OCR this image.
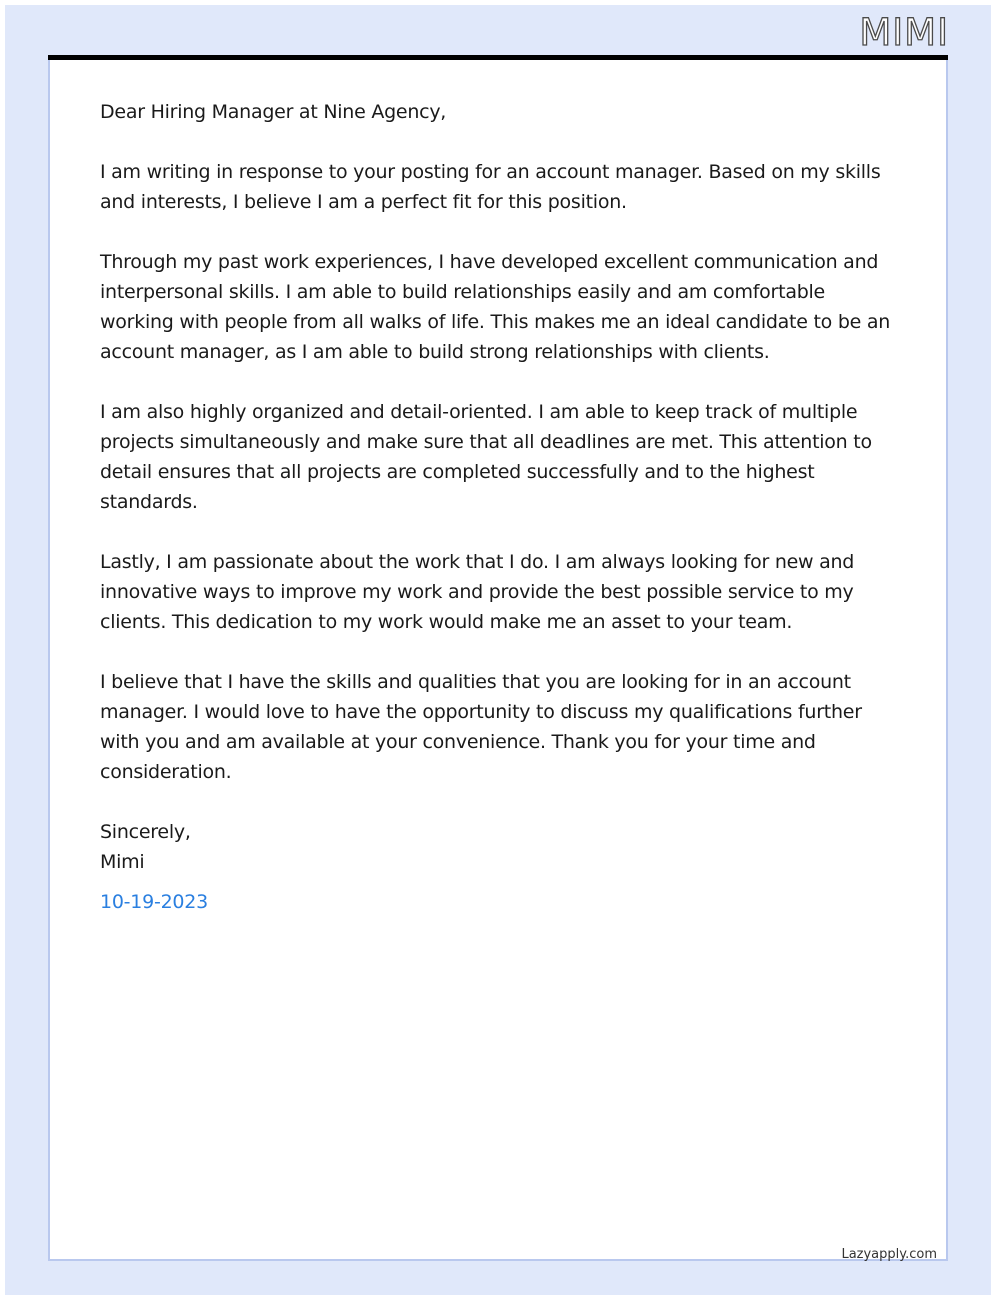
MIMI

Dear Hiring Manager at Nine Agency,

I am writing in response to your posting for an account manager. Based on my skills and interests, I believe I am a perfect fit for this position.

Through my past work experiences, I have developed excellent communication and interpersonal skills. I am able to build relationships easily and am comfortable working with people from all walks of life. This makes me an ideal candidate to be an account manager, as I am able to build strong relationships with clients.

I am also highly organized and detail-oriented. I am able to keep track of multiple projects simultaneously and make sure that all deadlines are met. This attention to detail ensures that all projects are completed successfully and to the highest standards.

Lastly, I am passionate about the work that I do. I am always looking for new and innovative ways to improve my work and provide the best possible service to my clients. This dedication to my work would make me an asset to your team.

I believe that I have the skills and qualities that you are looking for in an account manager. I would love to have the opportunity to discuss my qualifications further with you and am available at your convenience. Thank you for your time and consideration.

Sincerely,

Mimi

10-19-2023

Lazyapply.com
